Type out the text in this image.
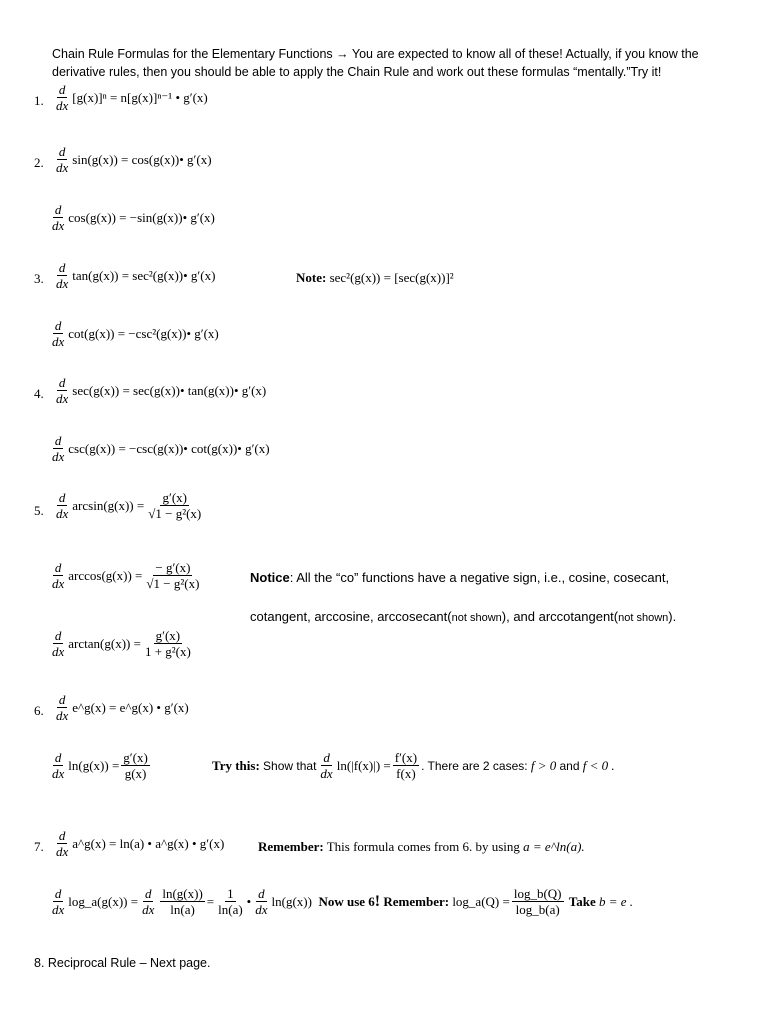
Chain Rule Formulas for the Elementary Functions → You are expected to know all of these! Actually, if you know the
derivative rules, then you should be able to apply the Chain Rule and work out these formulas “mentally.”Try it!
1. $\frac{d}{dx} [g(x)]^n = n[g(x)]^{n-1}$ • g′(x)
2. $\frac{d}{dx} \sin(g(x))$ = cos(g(x))• g′(x)
$\frac{d}{dx} \cos(g(x))$ = −sin(g(x))• g′(x)
3. $\frac{d}{dx} \tan(g(x))$ = sec²(g(x))• g′(x)	Note: sec²(g(x)) = [sec(g(x))]²
$\frac{d}{dx} \cot(g(x))$ = −csc²(g(x))• g′(x)
4. $\frac{d}{dx} \sec(g(x))$ = sec(g(x))• tan(g(x))• g′(x)
$\frac{d}{dx} \csc(g(x))$ = −csc(g(x))• cot(g(x))• g′(x)
5. $\frac{d}{dx} \arcsin(g(x)) = \frac{g'(x)}{\text{√1 − g²(x)}}$
$\frac{d}{dx} \arccos(g(x)) = \frac{- g'(x)}{\text{√1 − g²(x)}}$	Notice: All the “co” functions have a negative sign, i.e., cosine, cosecant,
cotangent, arccosine, arccosecant(not shown), and arccotangent(not shown).
$\frac{d}{dx} \arctan(g(x)) = \frac{g'(x)}{\text{1 + g²(x)}}$
6. $\frac{d}{dx}$ e^g(x) = e^g(x) • g′(x)
$\frac{d}{dx} \ln(g(x)) = \frac{g'(x)}{g(x)}$	Try this:
Show that $\frac{d}{dx} \ln(|f(x)|) = \frac{f'(x)}{f(x)}$ . There are 2 cases:
f > 0
and
f < 0 .
7. $\frac{d}{dx}$ a^g(x) = ln(a) • a^g(x) • g′(x)	Remember: This formula comes from 6. by using a = e^ln(a).
$\frac{d}{dx}$ log_a(g(x)) = $\frac{d}{dx} \frac{\ln(g(x))}{\ln(a)} = \frac{1}{\ln(a)}$ • $\frac{d}{dx} \ln(g(x))$
Now use 6 !
Remember:
log_a(Q) = $\frac{\log\_b(Q)}{\log\_b(a)}$
Take
b = e .
8. Reciprocal Rule – Next page.
